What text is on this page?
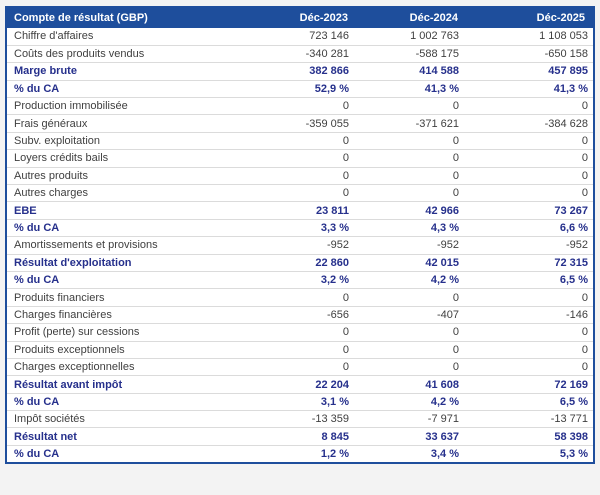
Compte de résultat (GBP)	Déc-2023	Déc-2024	Déc-2025
Chiffre d'affaires	723 146	1 002 763	1 108 053
Coûts des produits vendus	-340 281	-588 175	-650 158
Marge brute	382 866	414 588	457 895
% du CA	52,9 %	41,3 %	41,3 %
Production immobilisée	0	0	0
Frais généraux	-359 055	-371 621	-384 628
Subv. exploitation	0	0	0
Loyers crédits bails	0	0	0
Autres produits	0	0	0
Autres charges	0	0	0
EBE	23 811	42 966	73 267
% du CA	3,3 %	4,3 %	6,6 %
Amortissements et provisions	-952	-952	-952
Résultat d'exploitation	22 860	42 015	72 315
% du CA	3,2 %	4,2 %	6,5 %
Produits financiers	0	0	0
Charges financières	-656	-407	-146
Profit (perte) sur cessions	0	0	0
Produits exceptionnels	0	0	0
Charges exceptionnelles	0	0	0
Résultat avant impôt	22 204	41 608	72 169
% du CA	3,1 %	4,2 %	6,5 %
Impôt sociétés	-13 359	-7 971	-13 771
Résultat net	8 845	33 637	58 398
% du CA	1,2 %	3,4 %	5,3 %
